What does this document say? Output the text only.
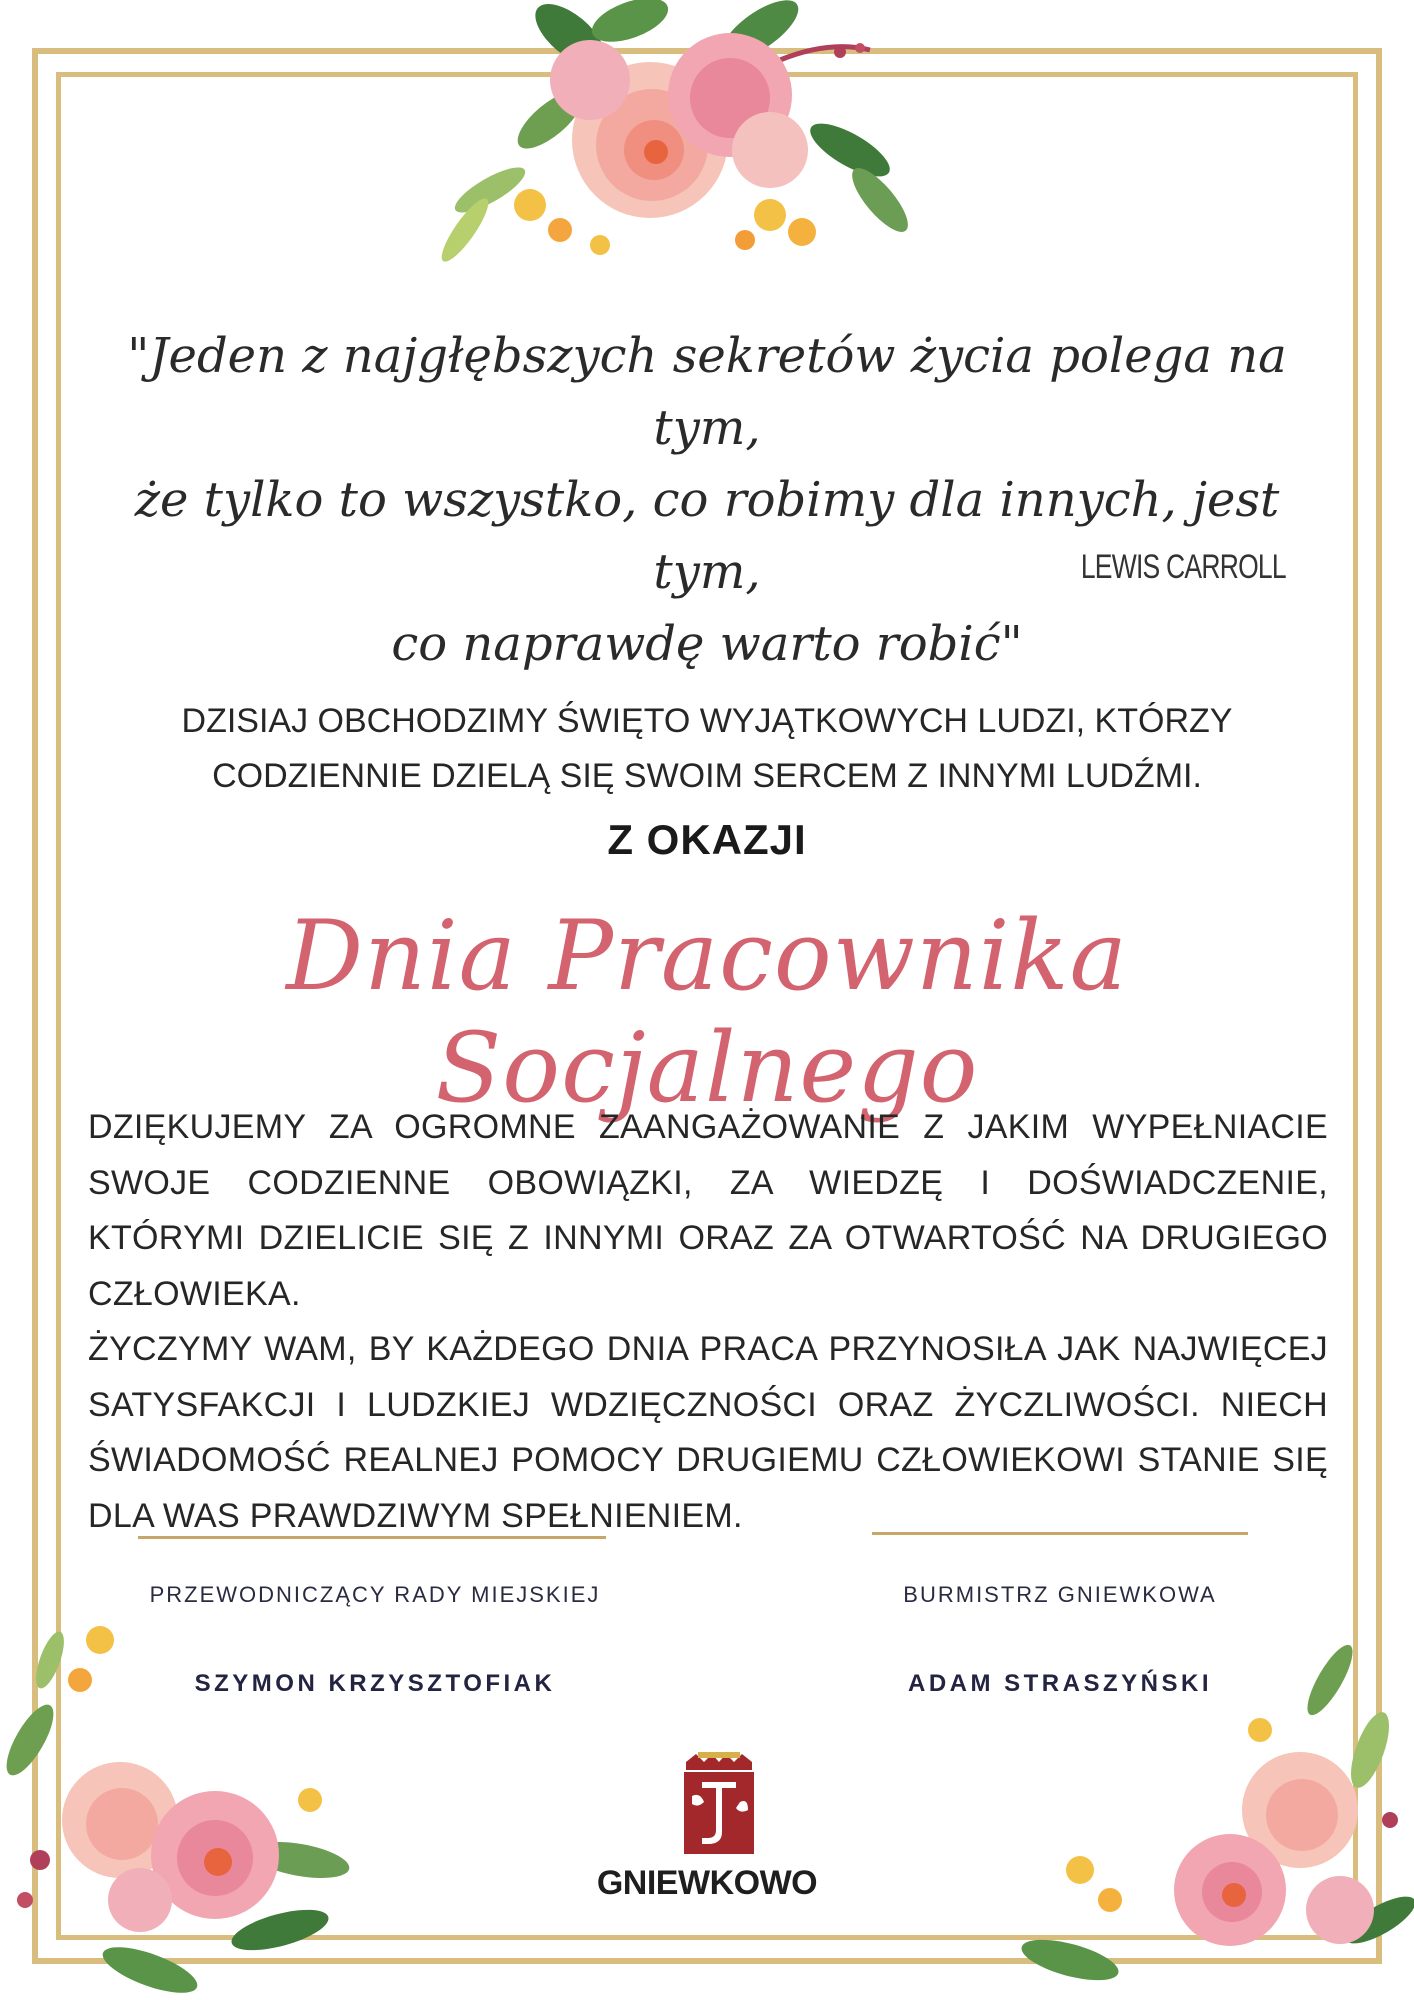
"Jeden z najgłębszych sekretów życia polega na tym,
że tylko to wszystko, co robimy dla innych, jest tym,
co naprawdę warto robić"
LEWIS CARROLL
DZISIAJ OBCHODZIMY ŚWIĘTO WYJĄTKOWYCH LUDZI, KTÓRZY
CODZIENNIE DZIELĄ SIĘ SWOIM SERCEM Z INNYMI LUDŹMI.
Z OKAZJI
Dnia Pracownika Socjalnego
DZIĘKUJEMY ZA OGROMNE ZAANGAŻOWANIE Z JAKIM WYPEŁNIACIE SWOJE CODZIENNE OBOWIĄZKI, ZA WIEDZĘ I DOŚWIADCZENIE, KTÓRYMI DZIELICIE SIĘ Z INNYMI ORAZ ZA OTWARTOŚĆ NA DRUGIEGO CZŁOWIEKA.
ŻYCZYMY WAM, BY KAŻDEGO DNIA PRACA PRZYNOSIŁA JAK NAJWIĘCEJ SATYSFAKCJI I LUDZKIEJ WDZIĘCZNOŚCI ORAZ ŻYCZLIWOŚCI. NIECH ŚWIADOMOŚĆ REALNEJ POMOCY DRUGIEMU CZŁOWIEKOWI STANIE SIĘ DLA WAS PRAWDZIWYM SPEŁNIENIEM.
PRZEWODNICZĄCY RADY MIEJSKIEJ	BURMISTRZ GNIEWKOWA
SZYMON KRZYSZTOFIAK	ADAM STRASZYŃSKI
GNIEWKOWO
